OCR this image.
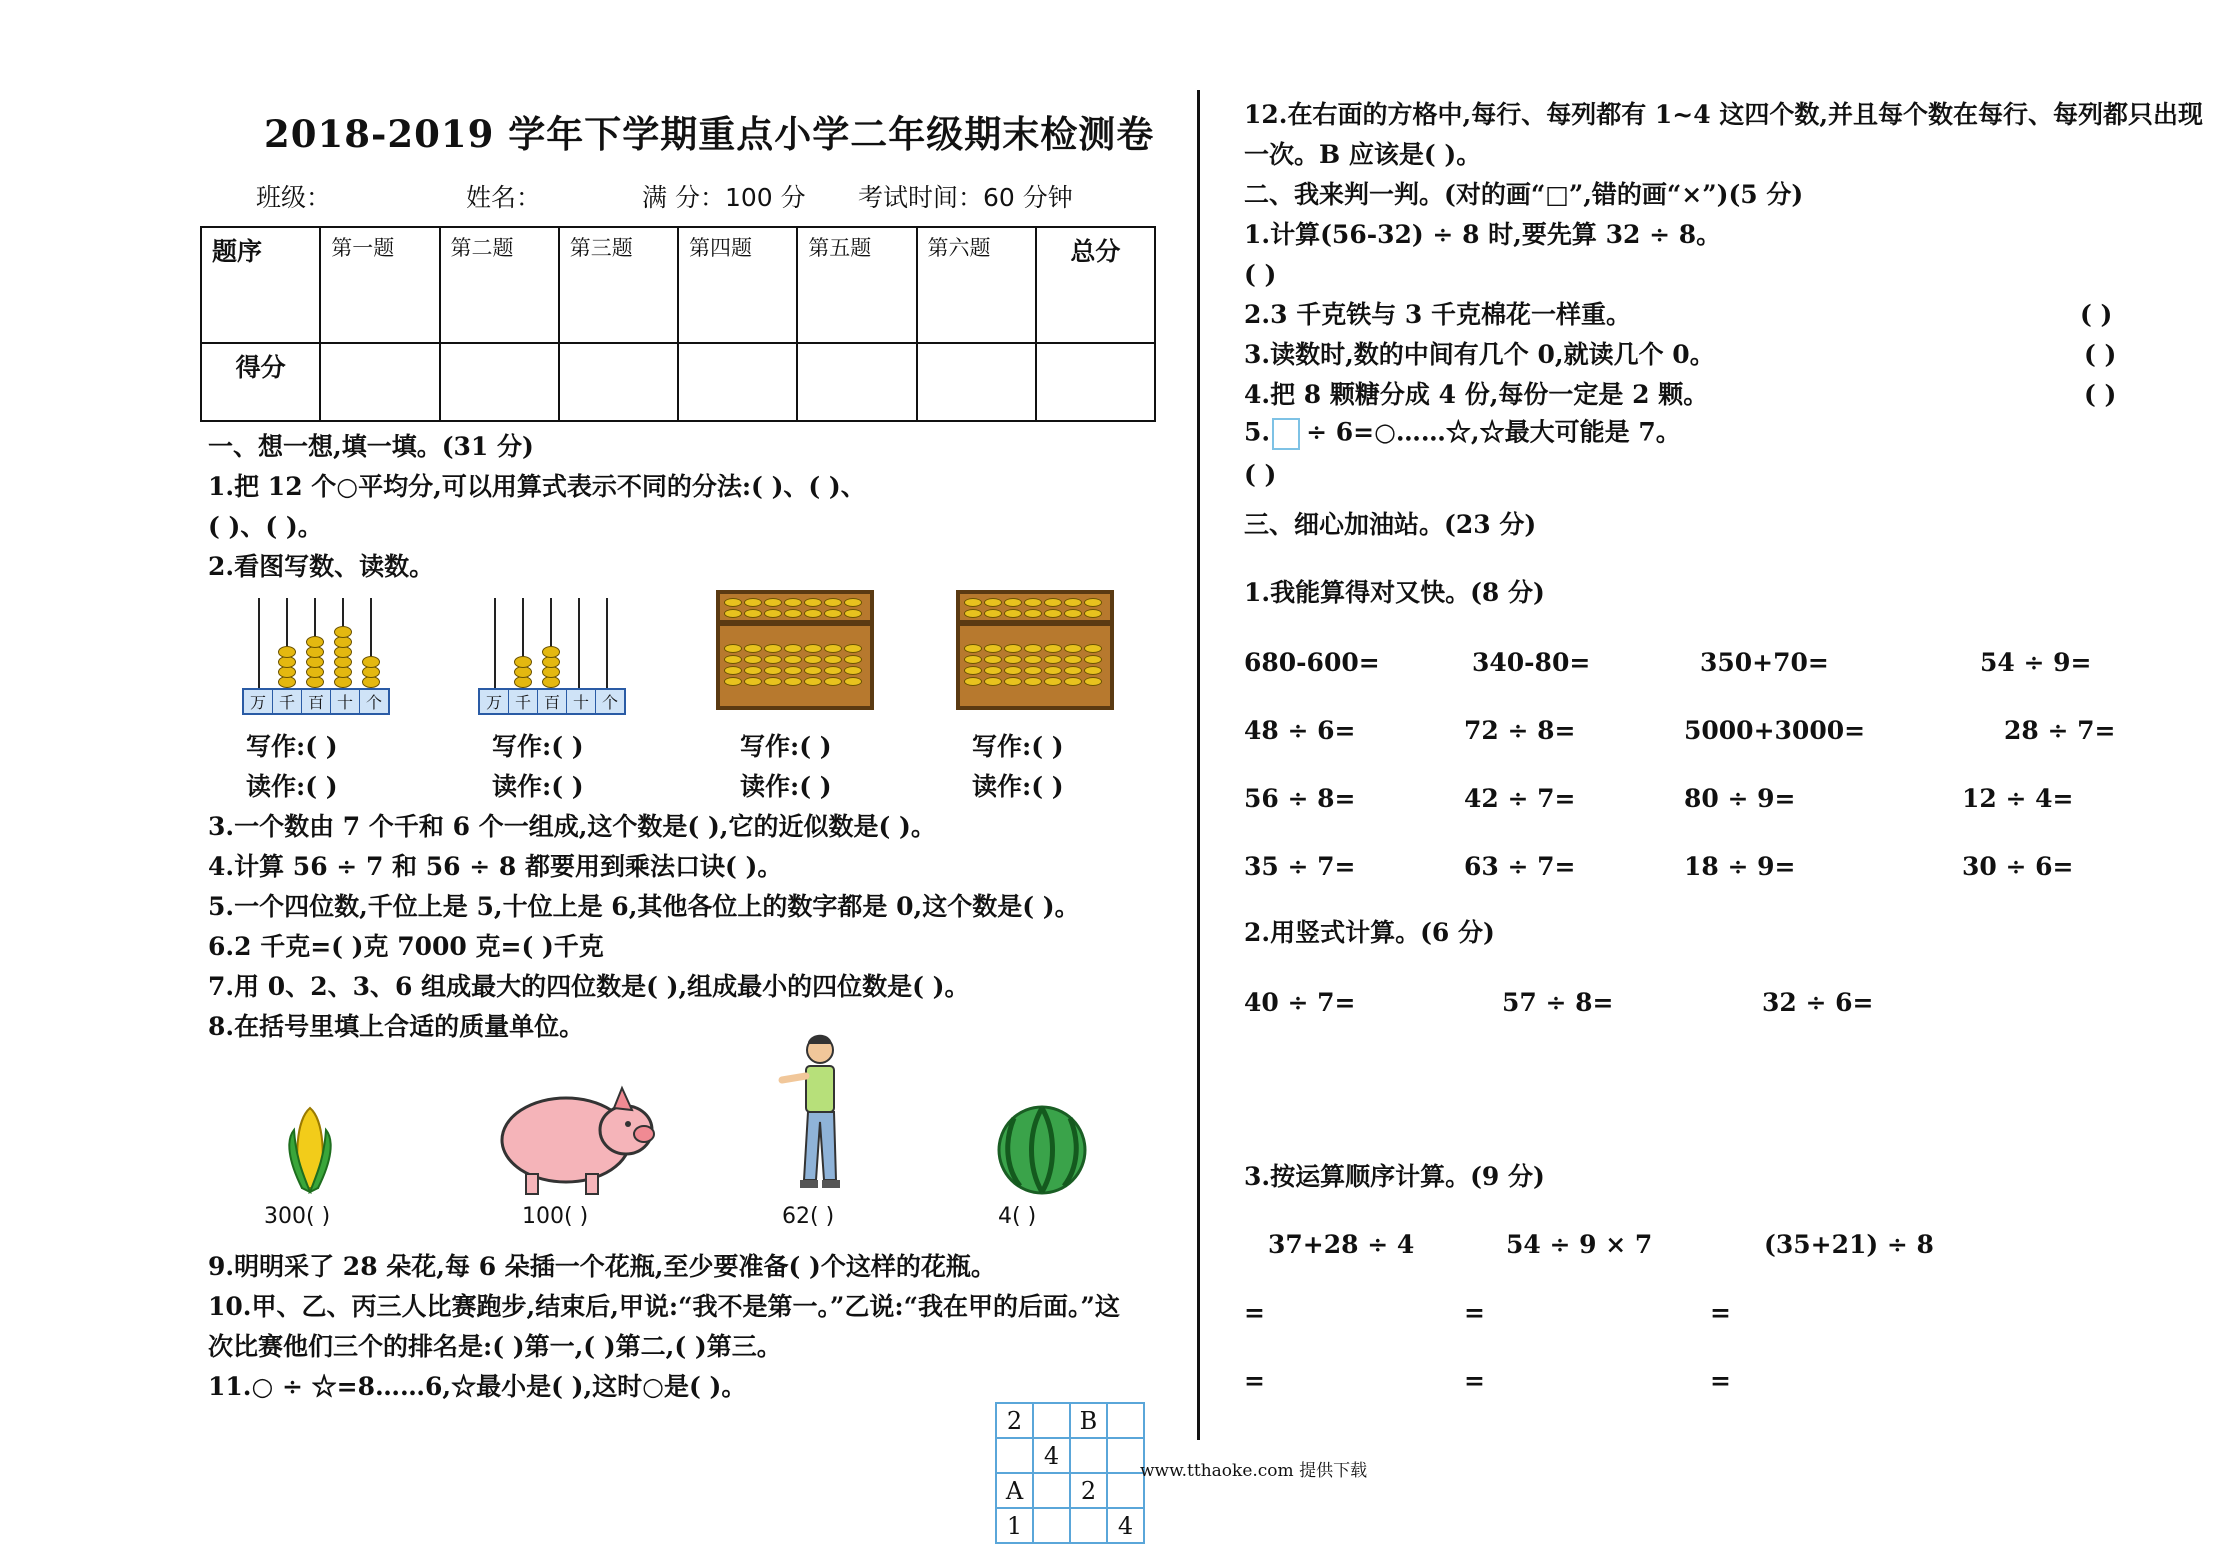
2018-2019 学年下学期重点小学二年级期末检测卷
班级：	姓名：	满 分：100 分 考试时间：60 分钟
题序	第一题	第二题	第三题	第四题	第五题	第六题	总分
得分							
一、想一想,填一填。(31 分)
1.把 12 个○平均分,可以用算式表示不同的分法:( )、( )、
( )、( )。
2.看图写数、读数。
万 千 百 十 个	万 千 百 十 个
写作:( )	写作:( )	写作:( )	写作:( )
读作:( )	读作:( )	读作:( )	读作:( )
3.一个数由 7 个千和 6 个一组成,这个数是( ),它的近似数是( )。
4.计算 56 ÷ 7 和 56 ÷ 8 都要用到乘法口诀( )。
5.一个四位数,千位上是 5,十位上是 6,其他各位上的数字都是 0,这个数是( )。
6.2 千克=( )克 7000 克=( )千克
7.用 0、2、3、6 组成最大的四位数是( ),组成最小的四位数是( )。
8.在括号里填上合适的质量单位。
300( )	100( )	62( )	4( )
9.明明采了 28 朵花,每 6 朵插一个花瓶,至少要准备( )个这样的花瓶。
10.甲、乙、丙三人比赛跑步,结束后,甲说:“我不是第一。”乙说:“我在甲的后面。”这
次比赛他们三个的排名是:( )第一,( )第二,( )第三。
11.○ ÷ ☆=8……6,☆最小是( ),这时○是( )。
2		B	
	4		
A		2	
1			4
www.tthaoke.com 提供下载
12.在右面的方格中,每行、每列都有 1~4 这四个数,并且每个数在每行、每列都只出现
一次。B 应该是( )。
二、我来判一判。(对的画“□”,错的画“×”)(5 分)
1.计算(56-32) ÷ 8 时,要先算 32 ÷ 8。
( )
2.3 千克铁与 3 千克棉花一样重。	( )
3.读数时,数的中间有几个 0,就读几个 0。	( )
4.把 8 颗糖分成 4 份,每份一定是 2 颗。	( )
5. ÷ 6=○……☆,☆最大可能是 7。
( )
三、细心加油站。(23 分)
1.我能算得对又快。(8 分)
680-600=	340-80=	350+70=	54 ÷ 9=
48 ÷ 6=	72 ÷ 8=	5000+3000=	28 ÷ 7=
56 ÷ 8=	42 ÷ 7=	80 ÷ 9=	12 ÷ 4=
35 ÷ 7=	63 ÷ 7=	18 ÷ 9=	30 ÷ 6=
2.用竖式计算。(6 分)
40 ÷ 7=	57 ÷ 8=	32 ÷ 6=
3.按运算顺序计算。(9 分)
37+28 ÷ 4	54 ÷ 9 × 7	(35+21) ÷ 8
=	=	=
=	=	=
